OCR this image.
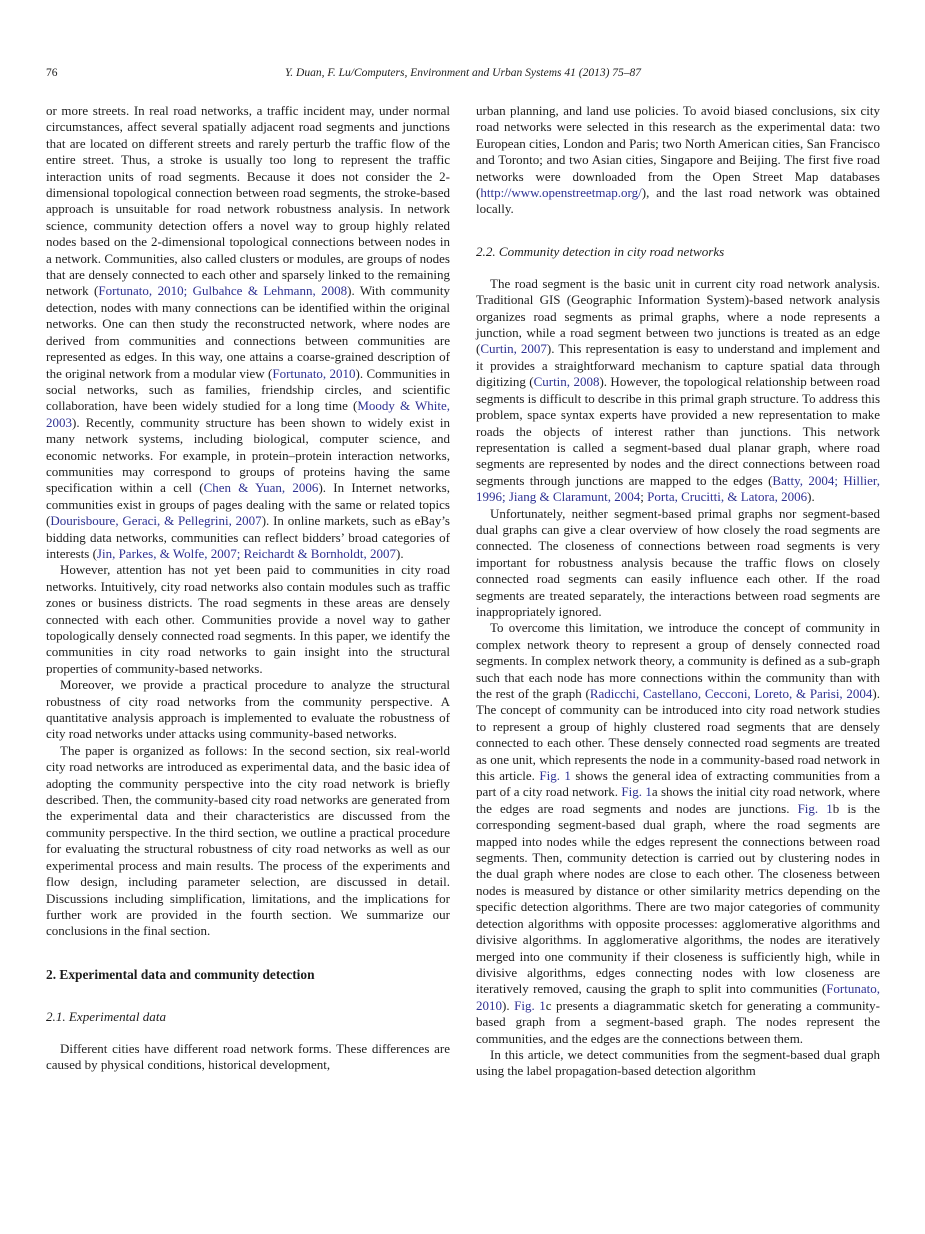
76	Y. Duan, F. Lu/Computers, Environment and Urban Systems 41 (2013) 75–87

or more streets. In real road networks, a traffic incident may, under normal circumstances, affect several spatially adjacent road segments and junctions that are located on different streets and rarely perturb the traffic flow of the entire street. Thus, a stroke is usually too long to represent the traffic interaction units of road segments. Because it does not consider the 2-dimensional topological connection between road segments, the stroke-based approach is unsuitable for road network robustness analysis. In network science, community detection offers a novel way to group highly related nodes based on the 2-dimensional topological connections between nodes in a network. Communities, also called clusters or modules, are groups of nodes that are densely connected to each other and sparsely linked to the remaining network (Fortunato, 2010; Gulbahce & Lehmann, 2008). With community detection, nodes with many connections can be identified within the original networks. One can then study the reconstructed network, where nodes are derived from communities and connections between communities are represented as edges. In this way, one attains a coarse-grained description of the original network from a modular view (Fortunato, 2010). Communities in social networks, such as families, friendship circles, and scientific collaboration, have been widely studied for a long time (Moody & White, 2003). Recently, community structure has been shown to widely exist in many network systems, including biological, computer science, and economic networks. For example, in protein–protein interaction networks, communities may correspond to groups of proteins having the same specification within a cell (Chen & Yuan, 2006). In Internet networks, communities exist in groups of pages dealing with the same or related topics (Dourisboure, Geraci, & Pellegrini, 2007). In online markets, such as eBay’s bidding data networks, communities can reflect bidders’ broad categories of interests (Jin, Parkes, & Wolfe, 2007; Reichardt & Bornholdt, 2007).

However, attention has not yet been paid to communities in city road networks. Intuitively, city road networks also contain modules such as traffic zones or business districts. The road segments in these areas are densely connected with each other. Communities provide a novel way to gather topologically densely connected road segments. In this paper, we identify the communities in city road networks to gain insight into the structural properties of community-based networks.

Moreover, we provide a practical procedure to analyze the structural robustness of city road networks from the community perspective. A quantitative analysis approach is implemented to evaluate the robustness of city road networks under attacks using community-based networks.

The paper is organized as follows: In the second section, six real-world city road networks are introduced as experimental data, and the basic idea of adopting the community perspective into the city road network is briefly described. Then, the community-based city road networks are generated from the experimental data and their characteristics are discussed from the community perspective. In the third section, we outline a practical procedure for evaluating the structural robustness of city road networks as well as our experimental process and main results. The process of the experiments and flow design, including parameter selection, are discussed in detail. Discussions including simplification, limitations, and the implications for further work are provided in the fourth section. We summarize our conclusions in the final section.

2. Experimental data and community detection
2.1. Experimental data

Different cities have different road network forms. These differences are caused by physical conditions, historical development,

urban planning, and land use policies. To avoid biased conclusions, six city road networks were selected in this research as the experimental data: two European cities, London and Paris; two North American cities, San Francisco and Toronto; and two Asian cities, Singapore and Beijing. The first five road networks were downloaded from the Open Street Map databases (http://www.openstreetmap.org/), and the last road network was obtained locally.

2.2. Community detection in city road networks

The road segment is the basic unit in current city road network analysis. Traditional GIS (Geographic Information System)-based network analysis organizes road segments as primal graphs, where a node represents a junction, while a road segment between two junctions is treated as an edge (Curtin, 2007). This representation is easy to understand and implement and it provides a straightforward mechanism to capture spatial data through digitizing (Curtin, 2008). However, the topological relationship between road segments is difficult to describe in this primal graph structure. To address this problem, space syntax experts have provided a new representation to make roads the objects of interest rather than junctions. This network representation is called a segment-based dual planar graph, where road segments are represented by nodes and the direct connections between road segments through junctions are mapped to the edges (Batty, 2004; Hillier, 1996; Jiang & Claramunt, 2004; Porta, Crucitti, & Latora, 2006).

Unfortunately, neither segment-based primal graphs nor segment-based dual graphs can give a clear overview of how closely the road segments are connected. The closeness of connections between road segments is very important for robustness analysis because the traffic flows on closely connected road segments can easily influence each other. If the road segments are treated separately, the interactions between road segments are inappropriately ignored.

To overcome this limitation, we introduce the concept of community in complex network theory to represent a group of densely connected road segments. In complex network theory, a community is defined as a sub-graph such that each node has more connections within the community than with the rest of the graph (Radicchi, Castellano, Cecconi, Loreto, & Parisi, 2004). The concept of community can be introduced into city road network studies to represent a group of highly clustered road segments that are densely connected to each other. These densely connected road segments are treated as one unit, which represents the node in a community-based road network in this article. Fig. 1 shows the general idea of extracting communities from a part of a city road network. Fig. 1a shows the initial city road network, where the edges are road segments and nodes are junctions. Fig. 1b is the corresponding segment-based dual graph, where the road segments are mapped into nodes while the edges represent the connections between road segments. Then, community detection is carried out by clustering nodes in the dual graph where nodes are close to each other. The closeness between nodes is measured by distance or other similarity metrics depending on the specific detection algorithms. There are two major categories of community detection algorithms with opposite processes: agglomerative algorithms and divisive algorithms. In agglomerative algorithms, the nodes are iteratively merged into one community if their closeness is sufficiently high, while in divisive algorithms, edges connecting nodes with low closeness are iteratively removed, causing the graph to split into communities (Fortunato, 2010). Fig. 1c presents a diagrammatic sketch for generating a community-based graph from a segment-based graph. The nodes represent the communities, and the edges are the connections between them.

In this article, we detect communities from the segment-based dual graph using the label propagation-based detection algorithm
